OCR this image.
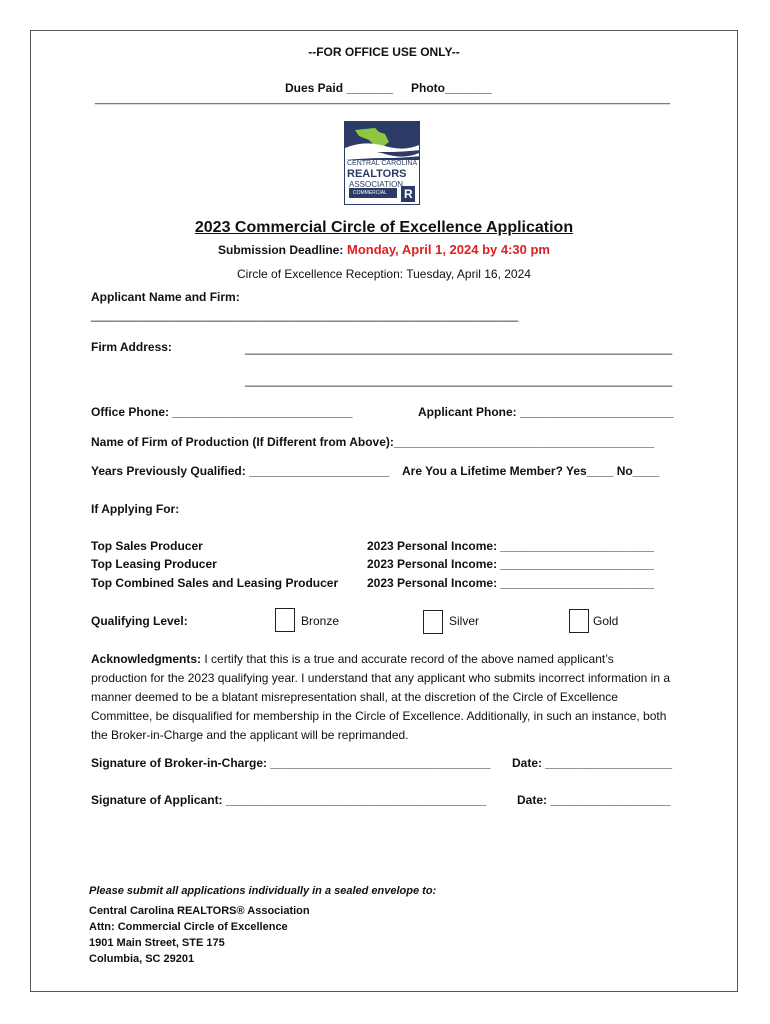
--FOR OFFICE USE ONLY--
Dues Paid _______ Photo_______
______________________________________________________________________________________________
CENTRAL CAROLINA
REALTORS
ASSOCIATION
COMMERCIAL R
2023 Commercial Circle of Excellence Application
Submission Deadline: Monday, April 1, 2024 by 4:30 pm
Circle of Excellence Reception: Tuesday, April 16, 2024
Applicant Name and Firm:
________________________________________________________________
Firm Address:	________________________________________________________________
________________________________________________________________
Office Phone: ___________________________	Applicant Phone: _______________________
Name of Firm of Production (If Different from Above):_______________________________________
Years Previously Qualified: _____________________ Are You a Lifetime Member? Yes____ No____
If Applying For:
Top Sales Producer	2023 Personal Income: _______________________
Top Leasing Producer	2023 Personal Income: _______________________
Top Combined Sales and Leasing Producer 2023 Personal Income: _______________________
Qualifying Level:	Bronze	Silver	Gold
Acknowledgments: I certify that this is a true and accurate record of the above named applicant’s production for the 2023 qualifying year. I understand that any applicant who submits incorrect information in a manner deemed to be a blatant misrepresentation shall, at the discretion of the Circle of Excellence Committee, be disqualified for membership in the Circle of Excellence. Additionally, in such an instance, both the Broker-in-Charge and the applicant will be reprimanded.
Signature of Broker-in-Charge: _________________________________ Date: ___________________
Signature of Applicant: _______________________________________	Date: __________________
Please submit all applications individually in a sealed envelope to:
Central Carolina REALTORS® Association
Attn: Commercial Circle of Excellence
1901 Main Street, STE 175
Columbia, SC 29201
